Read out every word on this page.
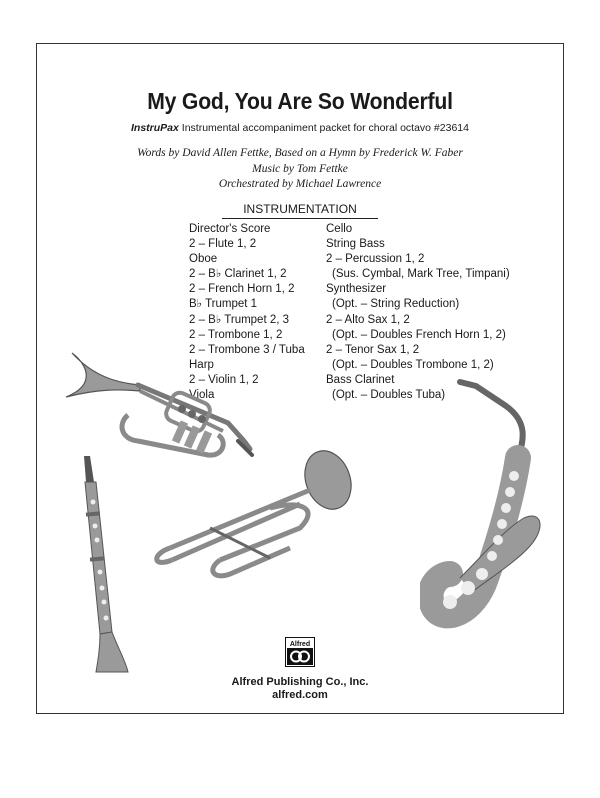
My God, You Are So Wonderful
InstruPax Instrumental accompaniment packet for choral octavo #23614
Words by David Allen Fettke, Based on a Hymn by Frederick W. Faber
Music by Tom Fettke
Orchestrated by Michael Lawrence
INSTRUMENTATION
Director's Score
2 – Flute 1, 2
Oboe
2 – B♭ Clarinet 1, 2
2 – French Horn 1, 2
B♭ Trumpet 1
2 – B♭ Trumpet 2, 3
2 – Trombone 1, 2
2 – Trombone 3 / Tuba
Harp
2 – Violin 1, 2
Viola
Cello
String Bass
2 – Percussion 1, 2
(Sus. Cymbal, Mark Tree, Timpani)
Synthesizer
(Opt. – String Reduction)
2 – Alto Sax 1, 2
(Opt. – Doubles French Horn 1, 2)
2 – Tenor Sax 1, 2
(Opt. – Doubles Trombone 1, 2)
Bass Clarinet
(Opt. – Doubles Tuba)
Alfred
Alfred Publishing Co., Inc.
alfred.com
